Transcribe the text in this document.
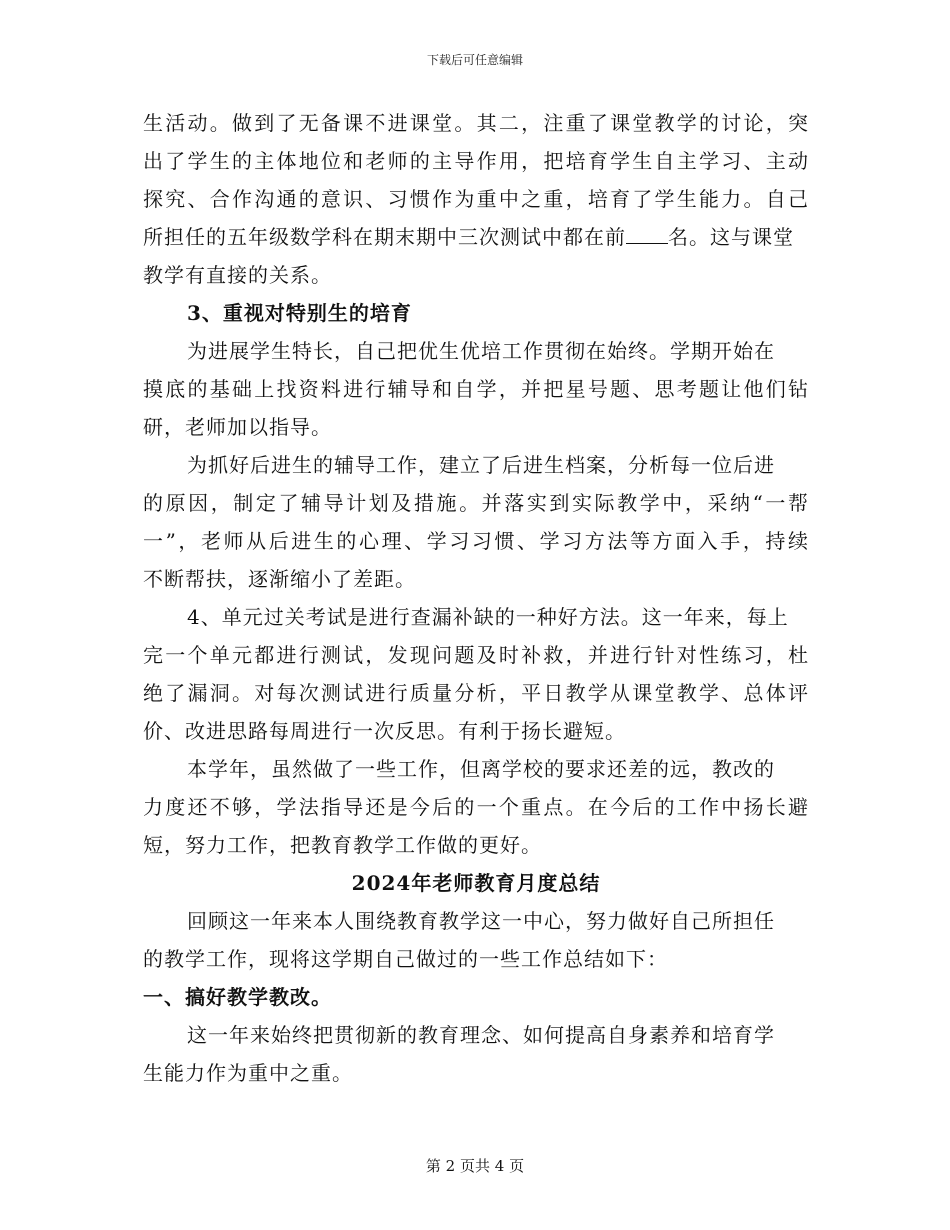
下载后可任意编辑
生活动。做到了无备课不进课堂。其二，注重了课堂教学的讨论，突
出了学生的主体地位和老师的主导作用，把培育学生自主学习、主动
探究、合作沟通的意识、习惯作为重中之重，培育了学生能力。自己
所担任的五年级数学科在期末期中三次测试中都在前 名。这与课堂
教学有直接的关系。
3、重视对特别生的培育
为进展学生特长，自己把优生优培工作贯彻在始终。学期开始在
摸底的基础上找资料进行辅导和自学，并把星号题、思考题让他们钻
研，老师加以指导。
为抓好后进生的辅导工作，建立了后进生档案，分析每一位后进
的原因，制定了辅导计划及措施。并落实到实际教学中，采纳“一帮
一”，老师从后进生的心理、学习习惯、学习方法等方面入手，持续
不断帮扶，逐渐缩小了差距。
4、单元过关考试是进行查漏补缺的一种好方法。这一年来，每上
完一个单元都进行测试，发现问题及时补救，并进行针对性练习，杜
绝了漏洞。对每次测试进行质量分析，平日教学从课堂教学、总体评
价、改进思路每周进行一次反思。有利于扬长避短。
本学年，虽然做了一些工作，但离学校的要求还差的远，教改的
力度还不够，学法指导还是今后的一个重点。在今后的工作中扬长避
短，努力工作，把教育教学工作做的更好。
2024年老师教育月度总结
回顾这一年来本人围绕教育教学这一中心，努力做好自己所担任
的教学工作，现将这学期自己做过的一些工作总结如下：
一、搞好教学教改。
这一年来始终把贯彻新的教育理念、如何提高自身素养和培育学
生能力作为重中之重。
第 2 页共 4 页
